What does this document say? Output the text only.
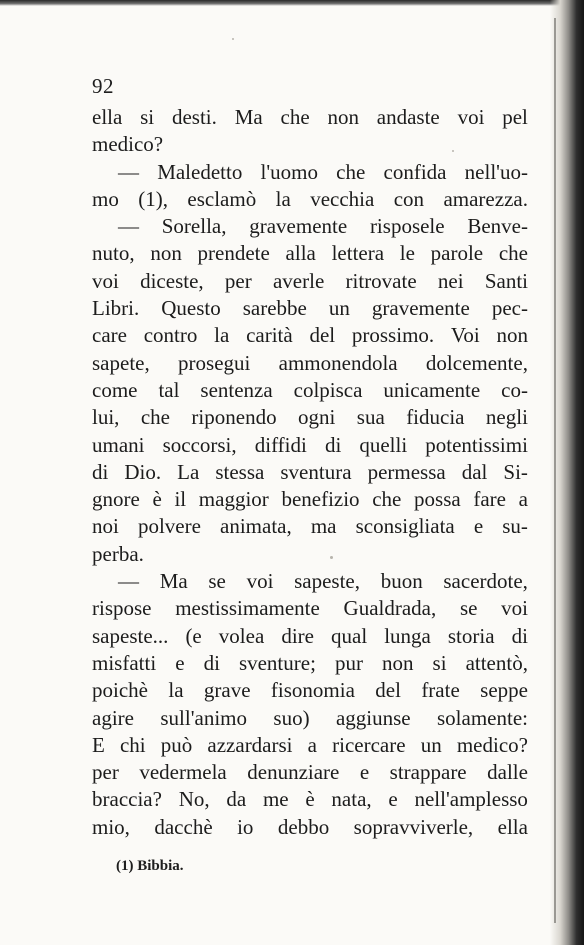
92
ella si desti. Ma che non andaste voi pel
medico?
— Maledetto l'uomo che confida nell'uo-
mo (1), esclamò la vecchia con amarezza.
— Sorella, gravemente risposele Benve-
nuto, non prendete alla lettera le parole che
voi diceste, per averle ritrovate nei Santi
Libri. Questo sarebbe un gravemente pec-
care contro la carità del prossimo. Voi non
sapete, prosegui ammonendola dolcemente,
come tal sentenza colpisca unicamente co-
lui, che riponendo ogni sua fiducia negli
umani soccorsi, diffidi di quelli potentissimi
di Dio. La stessa sventura permessa dal Si-
gnore è il maggior benefizio che possa fare a
noi polvere animata, ma sconsigliata e su-
perba.
— Ma se voi sapeste, buon sacerdote,
rispose mestissimamente Gualdrada, se voi
sapeste... (e volea dire qual lunga storia di
misfatti e di sventure; pur non si attentò,
poichè la grave fisonomia del frate seppe
agire sull'animo suo) aggiunse solamente:
E chi può azzardarsi a ricercare un medico?
per vedermela denunziare e strappare dalle
braccia? No, da me è nata, e nell'amplesso
mio, dacchè io debbo sopravviverle, ella
(1) Bibbia.
